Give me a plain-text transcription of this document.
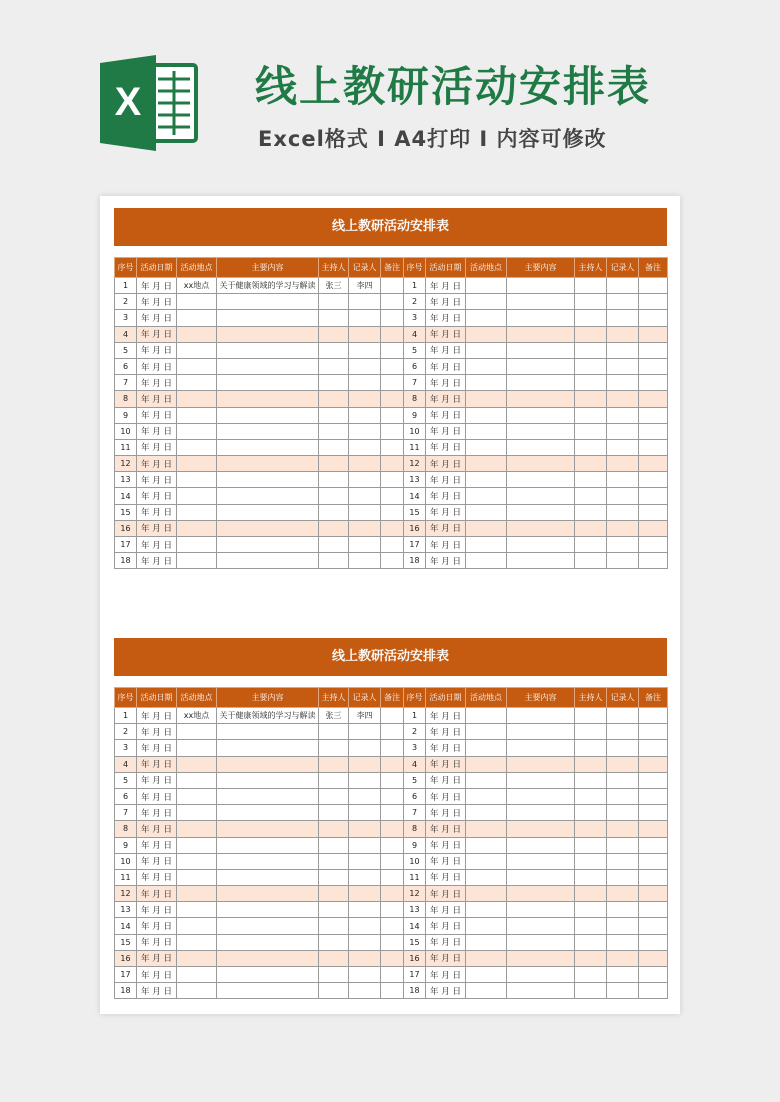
X	线上教研活动安排表
Excel格式 I A4打印 I 内容可修改
线上教研活动安排表
序号	活动日期	活动地点	主要内容	主持人	记录人	备注	序号	活动日期	活动地点	主要内容	主持人	记录人	备注
1	年 月 日	xx地点	关于健康领域的学习与解读	张三	李四		1	年 月 日					
2	年 月 日						2	年 月 日					
3	年 月 日						3	年 月 日					
4	年 月 日						4	年 月 日					
5	年 月 日						5	年 月 日					
6	年 月 日						6	年 月 日					
7	年 月 日						7	年 月 日					
8	年 月 日						8	年 月 日					
9	年 月 日						9	年 月 日					
10	年 月 日						10	年 月 日					
11	年 月 日						11	年 月 日					
12	年 月 日						12	年 月 日					
13	年 月 日						13	年 月 日					
14	年 月 日						14	年 月 日					
15	年 月 日						15	年 月 日					
16	年 月 日						16	年 月 日					
17	年 月 日						17	年 月 日					
18	年 月 日						18	年 月 日					
线上教研活动安排表
序号	活动日期	活动地点	主要内容	主持人	记录人	备注	序号	活动日期	活动地点	主要内容	主持人	记录人	备注
1	年 月 日	xx地点	关于健康领域的学习与解读	张三	李四		1	年 月 日					
2	年 月 日						2	年 月 日					
3	年 月 日						3	年 月 日					
4	年 月 日						4	年 月 日					
5	年 月 日						5	年 月 日					
6	年 月 日						6	年 月 日					
7	年 月 日						7	年 月 日					
8	年 月 日						8	年 月 日					
9	年 月 日						9	年 月 日					
10	年 月 日						10	年 月 日					
11	年 月 日						11	年 月 日					
12	年 月 日						12	年 月 日					
13	年 月 日						13	年 月 日					
14	年 月 日						14	年 月 日					
15	年 月 日						15	年 月 日					
16	年 月 日						16	年 月 日					
17	年 月 日						17	年 月 日					
18	年 月 日						18	年 月 日					
